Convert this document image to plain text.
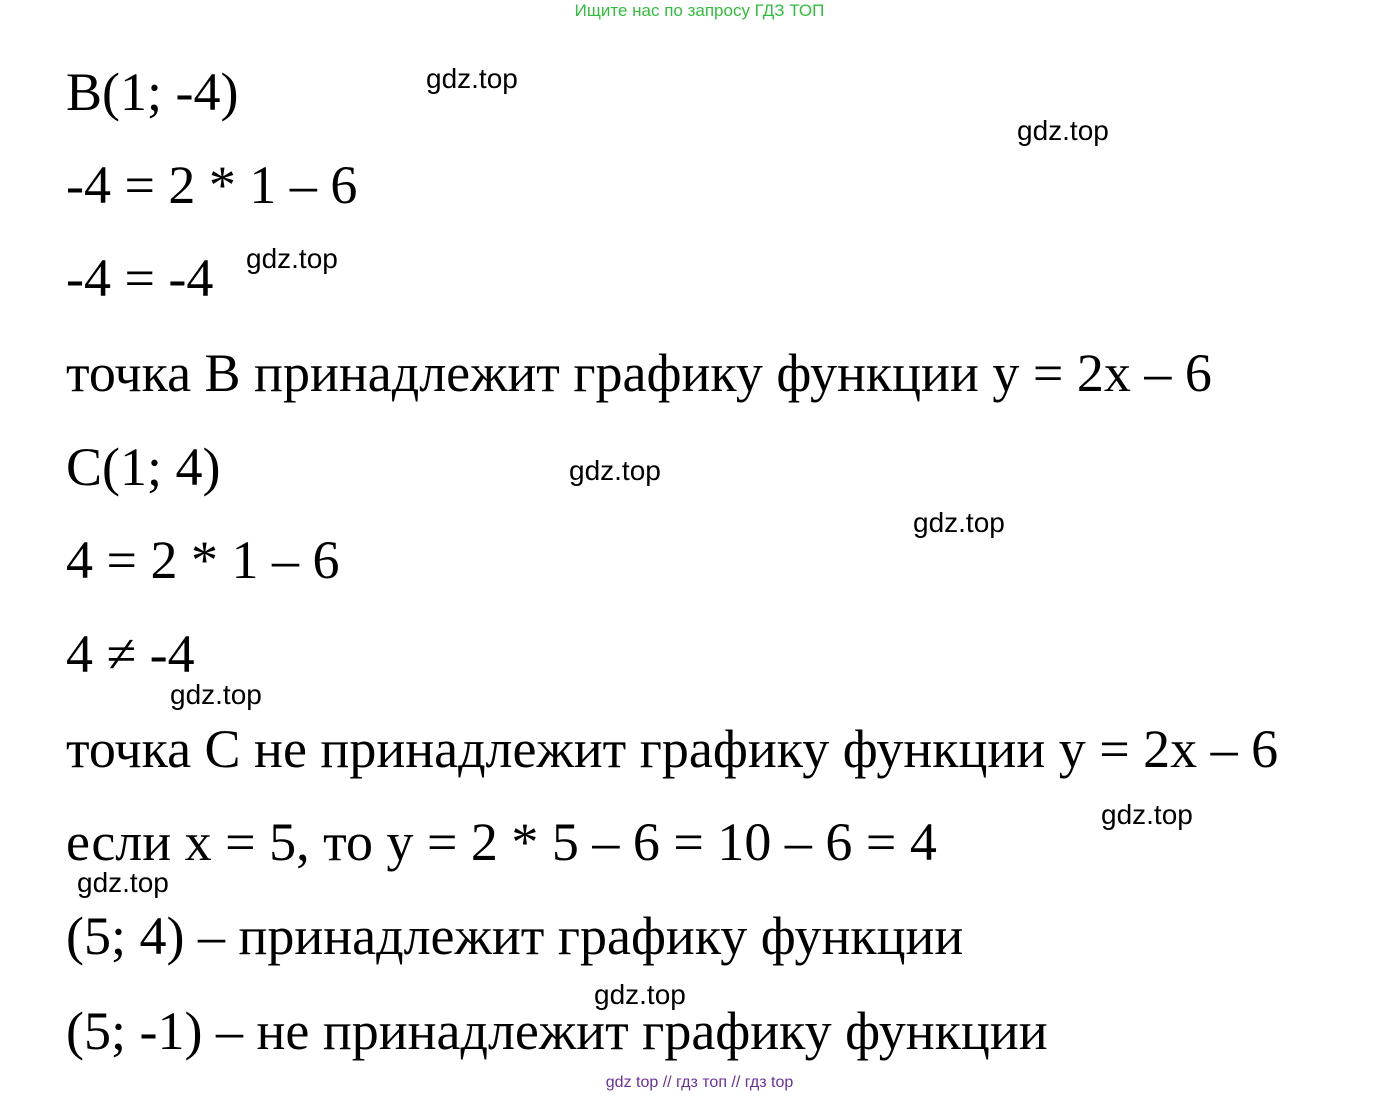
Ищите нас по запросу ГДЗ ТОП
B(1; -4)
-4 = 2 * 1 – 6
-4 = -4
точка B принадлежит графику функции y = 2x – 6
C(1; 4)
4 = 2 * 1 – 6
4 ≠ -4
точка C не принадлежит графику функции y = 2x – 6
если x = 5, то y = 2 * 5 – 6 = 10 – 6 = 4
(5; 4) – принадлежит графику функции
(5; -1) – не принадлежит графику функции
gdz.top
gdz.top
gdz.top
gdz.top
gdz.top
gdz.top
gdz.top
gdz.top
gdz.top
gdz top // гдз топ // гдз top
